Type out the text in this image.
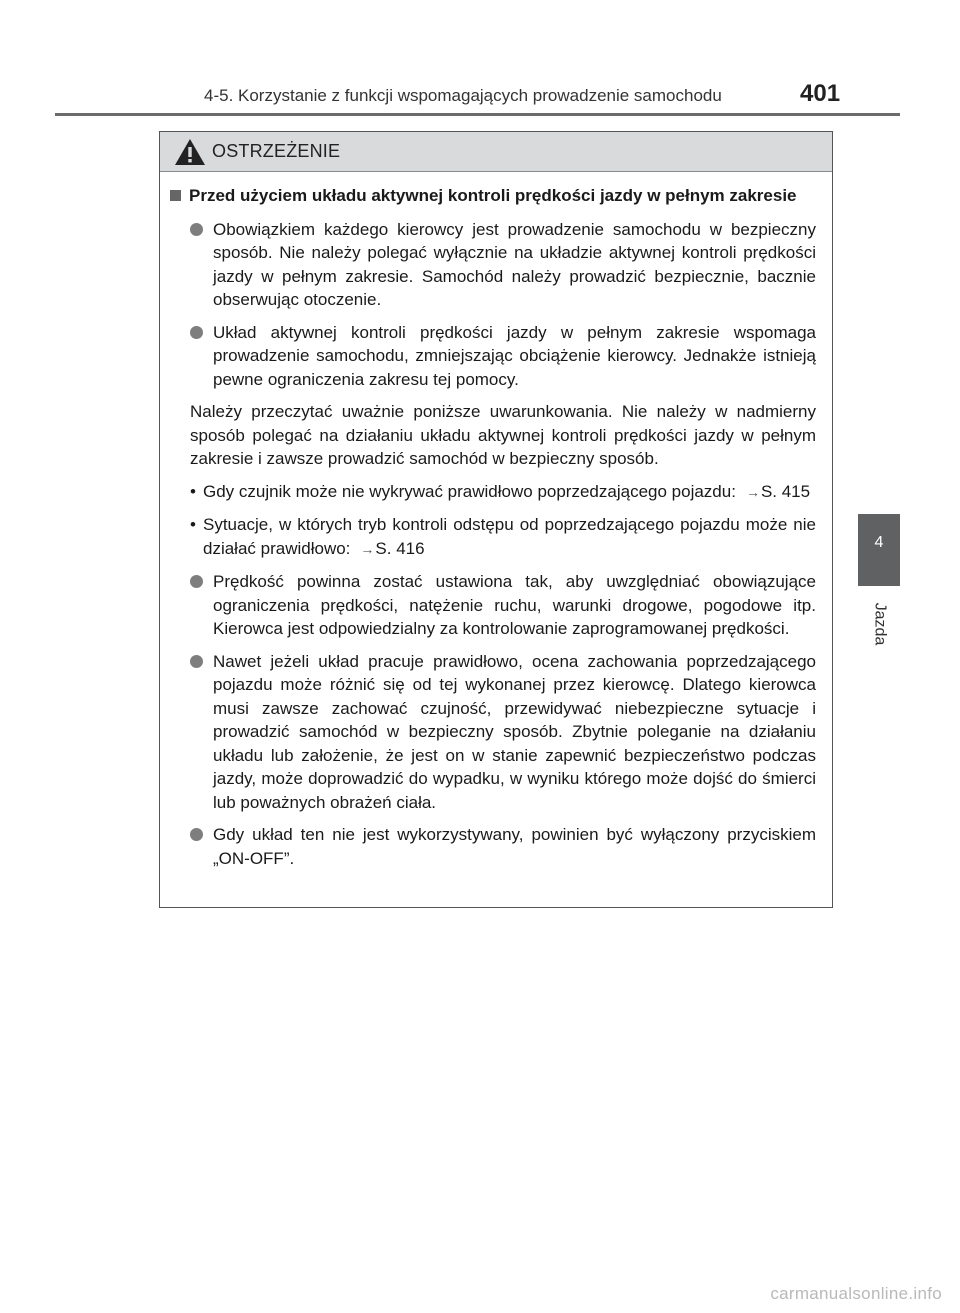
4-5. Korzystanie z funkcji wspomagających prowadzenie samochodu	401
4
Jazda
OSTRZEŻENIE
Przed użyciem układu aktywnej kontroli prędkości jazdy w pełnym zakresie
Obowiązkiem każdego kierowcy jest prowadzenie samochodu w bezpieczny sposób. Nie należy polegać wyłącznie na układzie aktywnej kontroli prędkości jazdy w pełnym zakresie. Samochód należy prowadzić bezpiecznie, bacznie obserwując otoczenie.
Układ aktywnej kontroli prędkości jazdy w pełnym zakresie wspomaga prowadzenie samochodu, zmniejszając obciążenie kierowcy. Jednakże istnieją pewne ograniczenia zakresu tej pomocy.
Należy przeczytać uważnie poniższe uwarunkowania. Nie należy w nadmierny sposób polegać na działaniu układu aktywnej kontroli prędkości jazdy w pełnym zakresie i zawsze prowadzić samochód w bezpieczny sposób.
• Gdy czujnik może nie wykrywać prawidłowo poprzedzającego pojazdu: →S. 415
• Sytuacje, w których tryb kontroli odstępu od poprzedzającego pojazdu może nie działać prawidłowo: →S. 416
Prędkość powinna zostać ustawiona tak, aby uwzględniać obowiązujące ograniczenia prędkości, natężenie ruchu, warunki drogowe, pogodowe itp. Kierowca jest odpowiedzialny za kontrolowanie zaprogramowanej prędkości.
Nawet jeżeli układ pracuje prawidłowo, ocena zachowania poprzedzającego pojazdu może różnić się od tej wykonanej przez kierowcę. Dlatego kierowca musi zawsze zachować czujność, przewidywać niebezpieczne sytuacje i prowadzić samochód w bezpieczny sposób. Zbytnie poleganie na działaniu układu lub założenie, że jest on w stanie zapewnić bezpieczeństwo podczas jazdy, może doprowadzić do wypadku, w wyniku którego może dojść do śmierci lub poważnych obrażeń ciała.
Gdy układ ten nie jest wykorzystywany, powinien być wyłączony przyciskiem „ON-OFF”.
carmanualsonline.info
